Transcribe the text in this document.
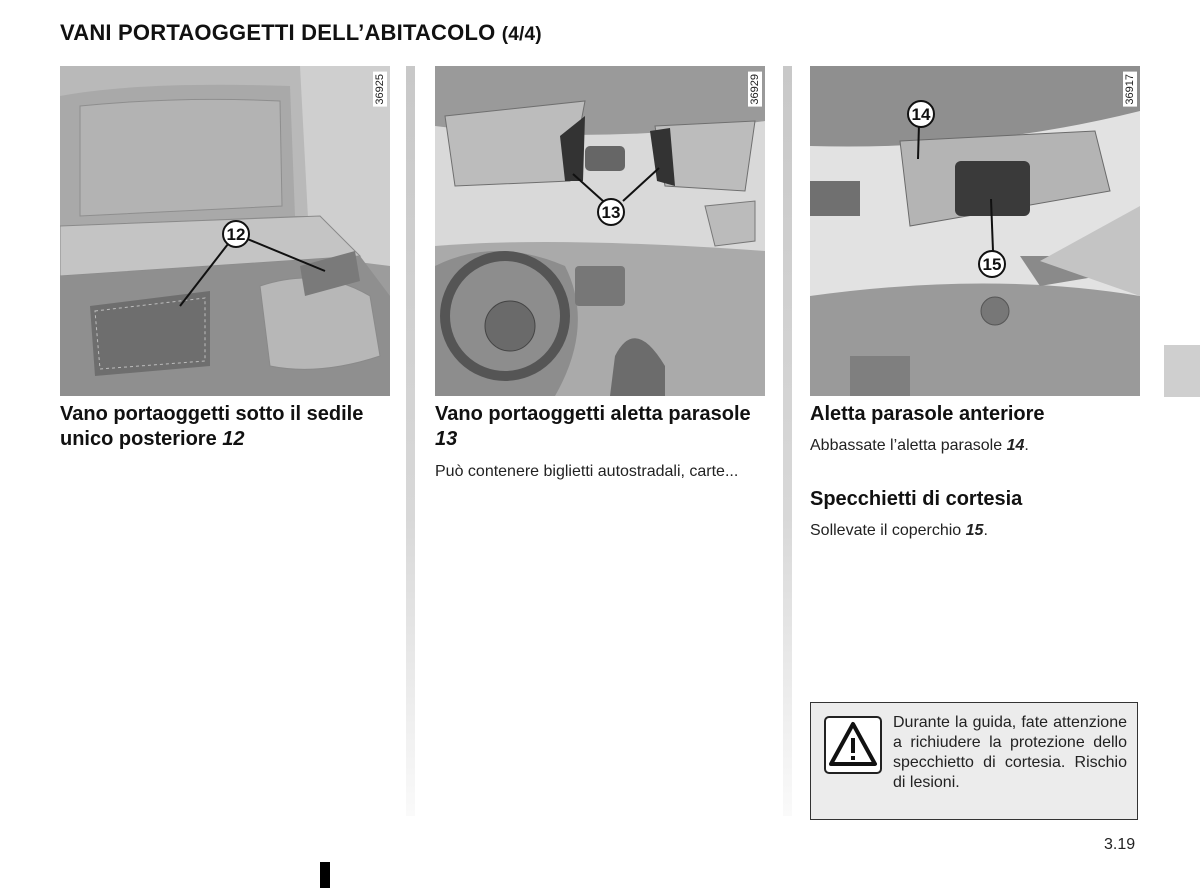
VANI PORTAOGGETTI DELL’ABITACOLO (4/4)
12
36925
13
36929
14
15
36917
Vano portaoggetti sotto il sedile unico posteriore 12
Vano portaoggetti aletta parasole 13
Può contenere biglietti autostradali, carte...
Aletta parasole anteriore
Abbassate l’aletta parasole 14.
Specchietti di cortesia
Sollevate il coperchio 15.
Durante la guida, fate attenzione a richiudere la protezione dello specchietto di cortesia. Rischio di lesioni.
3.19
